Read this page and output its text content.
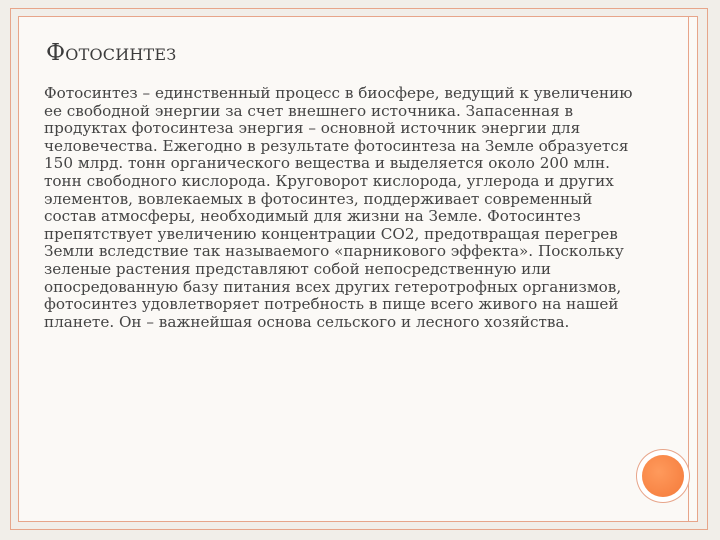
Фотосинтез
Фотосинтез – единственный процесс в биосфере, ведущий к увеличению ее свободной энергии за счет внешнего источника. Запасенная в продуктах фотосинтеза энергия – основной источник энергии для человечества. Ежегодно в результате фотосинтеза на Земле образуется 150 млрд. тонн органического вещества и выделяется около 200 млн. тонн свободного кислорода. Круговорот кислорода, углерода и других элементов, вовлекаемых в фотосинтез, поддерживает современный состав атмосферы, необходимый для жизни на Земле. Фотосинтез препятствует увеличению концентрации СО2, предотвращая перегрев Земли вследствие так называемого «парникового эффекта». Поскольку зеленые растения представляют собой непосредственную или опосредованную базу питания всех других гетеротрофных организмов, фотосинтез удовлетворяет потребность в пище всего живого на нашей планете. Он – важнейшая основа сельского и лесного хозяйства.
